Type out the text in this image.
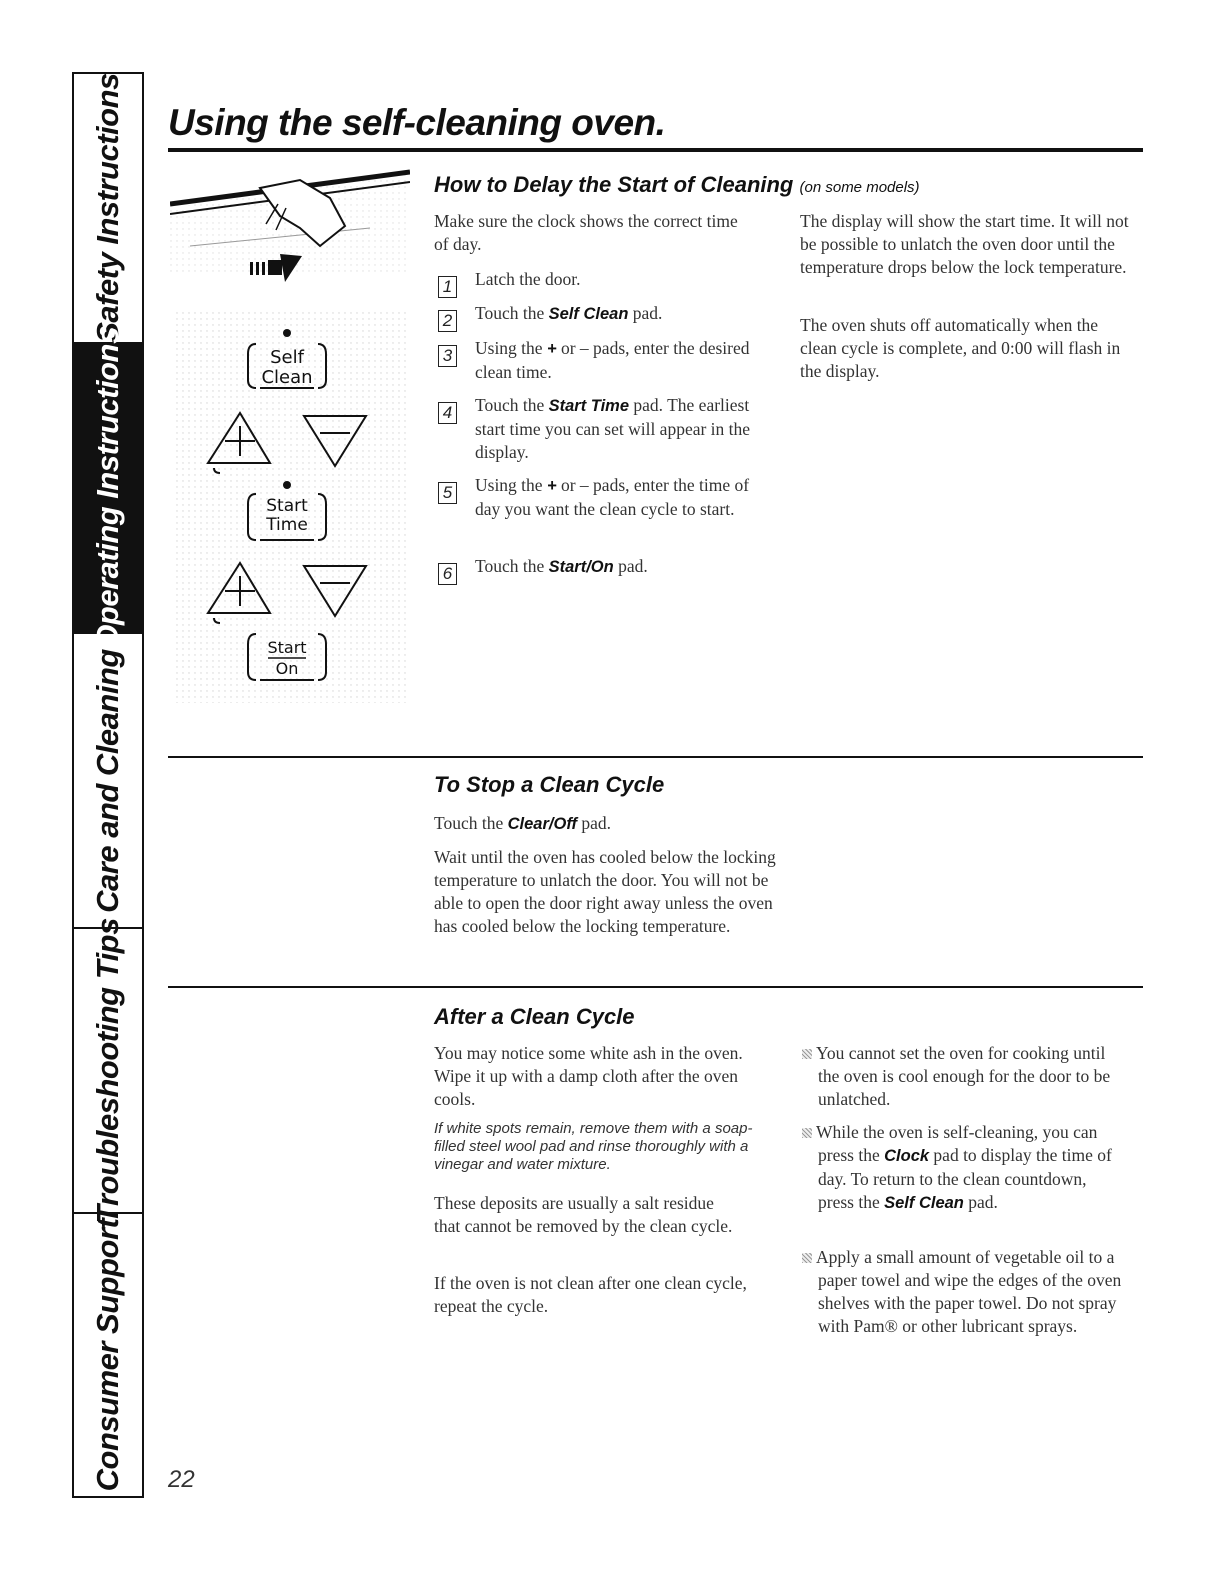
Safety Instructions
Operating Instructions
Care and Cleaning
Troubleshooting Tips
Consumer Support
Using the self-cleaning oven.
Self
Clean
Start
Time
Start
On
How to Delay the Start of Cleaning (on some models)

Make sure the clock shows the correct time of day.

1 Latch the door.

2 Touch the Self Clean pad.

3 Using the + or – pads, enter the desired clean time.

4 Touch the Start Time pad. The earliest start time you can set will appear in the display.

5 Using the + or – pads, enter the time of day you want the clean cycle to start.

6 Touch the Start/On pad.

The display will show the start time. It will not be possible to unlatch the oven door until the temperature drops below the lock temperature.

The oven shuts off automatically when the clean cycle is complete, and 0:00 will flash in the display.

To Stop a Clean Cycle

Touch the Clear/Off pad.

Wait until the oven has cooled below the locking temperature to unlatch the door. You will not be able to open the door right away unless the oven has cooled below the locking temperature.

After a Clean Cycle

You may notice some white ash in the oven. Wipe it up with a damp cloth after the oven cools.

If white spots remain, remove them with a soap-filled steel wool pad and rinse thoroughly with a vinegar and water mixture.

These deposits are usually a salt residue that cannot be removed by the clean cycle.

If the oven is not clean after one clean cycle, repeat the cycle.

You cannot set the oven for cooking until the oven is cool enough for the door to be unlatched.

While the oven is self-cleaning, you can press the Clock pad to display the time of day. To return to the clean countdown, press the Self Clean pad.

Apply a small amount of vegetable oil to a paper towel and wipe the edges of the oven shelves with the paper towel. Do not spray with Pam® or other lubricant sprays.

22
